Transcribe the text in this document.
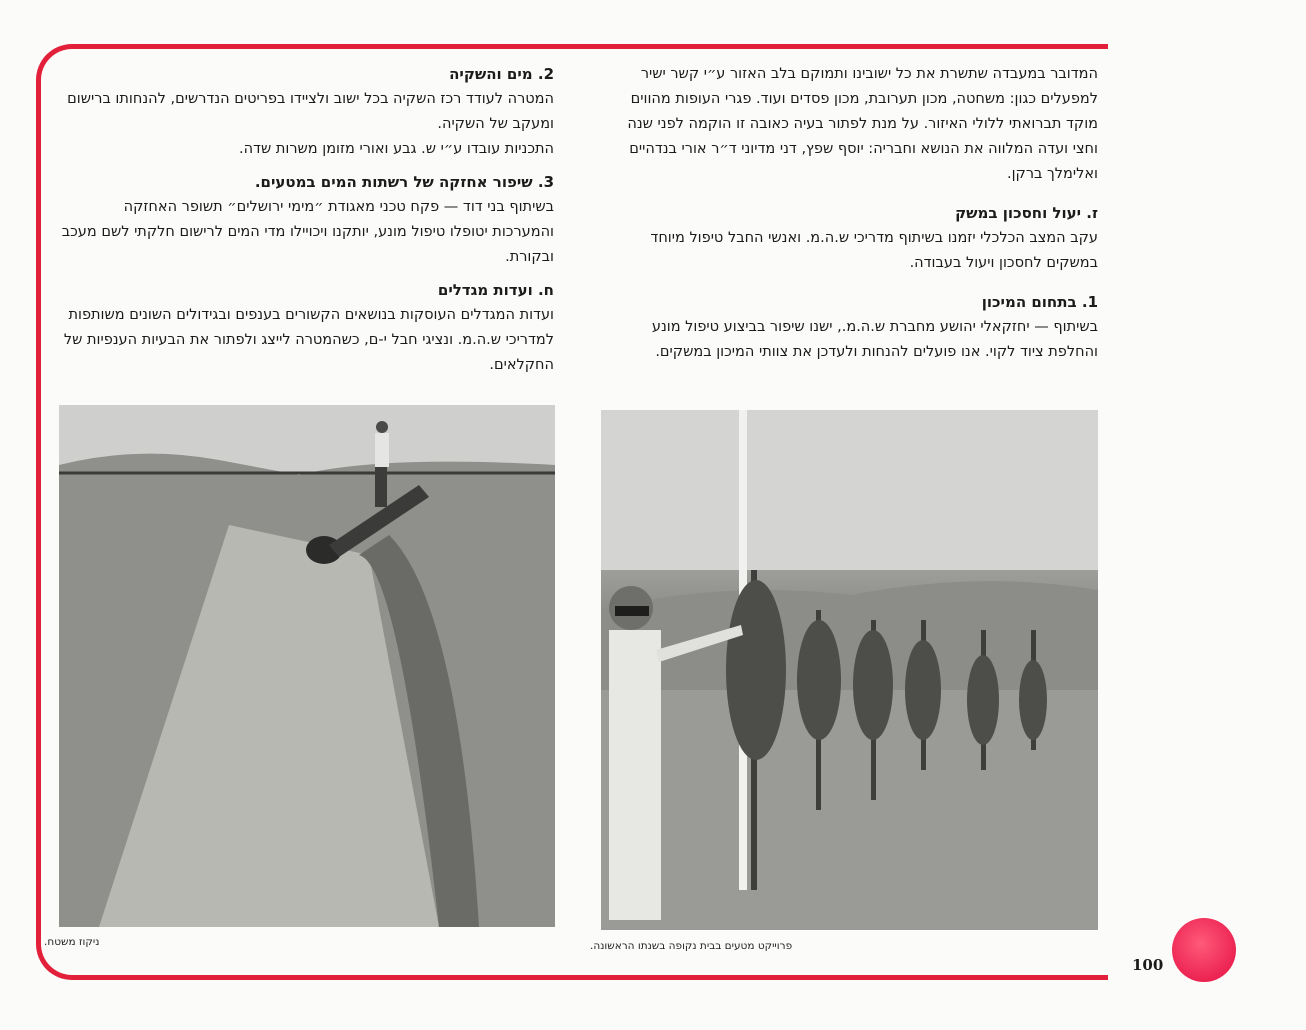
המדובר במעבדה שתשרת את כל ישובינו ותמוקם בלב האזור ע״י קשר ישיר למפעלים כגון: משחטה, מכון תערובת, מכון פסדים ועוד. פגרי העופות מהווים מוקד תברואתי ללולי האיזור. על מנת לפתור בעיה כאובה זו הוקמה לפני שנה וחצי ועדה המלווה את הנושא וחבריה: יוסף שפץ, דני מדיוני ד״ר אורי בנדהיים ואלימלך ברקן.

ז. יעול וחסכון במשק

עקב המצב הכלכלי יזמנו בשיתוף מדריכי ש.ה.מ. ואנשי החבל טיפול מיוחד במשקים לחסכון ויעול בעבודה.

1. בתחום המיכון

בשיתוף — יחזקאלי יהושע מחברת ש.ה.מ., ישנו שיפור בביצוע טיפול מונע והחלפת ציוד לקוי. אנו פועלים להנחות ולעדכן את צוותי המיכון במשקים.

2. מים והשקיה

המטרה לעודד רכז השקיה בכל ישוב ולציידו בפריטים הנדרשים, להנחותו ברישום ומעקב של השקיה.

התכניות עובדו ע״י ש. גבע ואורי מזומן משרות שדה.

3. שיפור אחזקה של רשתות המים במטעים.

בשיתוף בני דוד — פקח טכני מאגודת ״מימי ירושלים״ תשופר האחזקה והמערכות יטופלו טיפול מונע, יותקנו ויכויילו מדי המים לרישום חלקתי לשם מעכב ובקורת.

ח. ועדות מגדלים

ועדות המגדלים העוסקות בנושאים הקשורים בענפים ובגידולים השונים משותפות למדריכי ש.ה.מ. ונציגי חבל י-ם, כשהמטרה לייצג ולפתור את הבעיות הענפיות של החקלאים.

ניקוז משטח.	פרוייקט מטעים בבית נקופה בשנתו הראשונה.
100
